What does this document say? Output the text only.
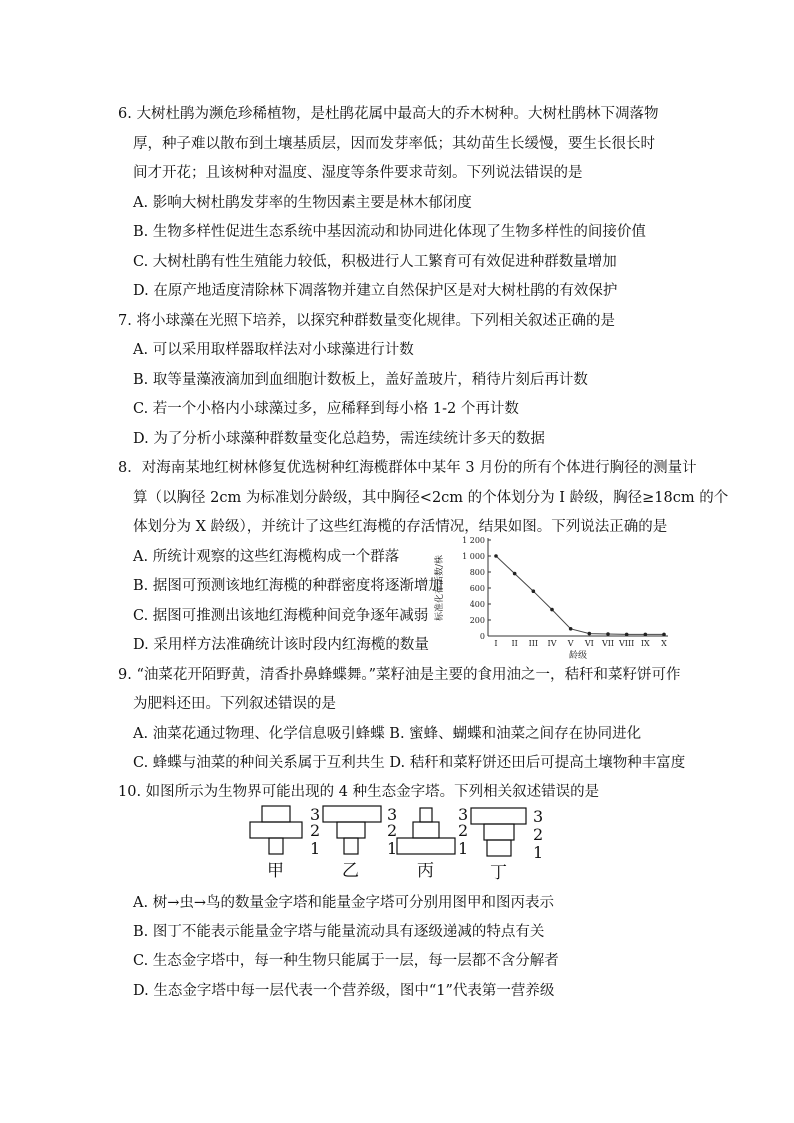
6. 大树杜鹃为濒危珍稀植物，是杜鹃花属中最高大的乔木树种。大树杜鹃林下凋落物
厚，种子难以散布到土壤基质层，因而发芽率低；其幼苗生长缓慢，要生长很长时
间才开花；且该树种对温度、湿度等条件要求苛刻。下列说法错误的是
A. 影响大树杜鹃发芽率的生物因素主要是林木郁闭度
B. 生物多样性促进生态系统中基因流动和协同进化体现了生物多样性的间接价值
C. 大树杜鹃有性生殖能力较低，积极进行人工繁育可有效促进种群数量增加
D. 在原产地适度清除林下凋落物并建立自然保护区是对大树杜鹃的有效保护
7. 将小球藻在光照下培养，以探究种群数量变化规律。下列相关叙述正确的是
A. 可以采用取样器取样法对小球藻进行计数
B. 取等量藻液滴加到血细胞计数板上，盖好盖玻片，稍待片刻后再计数
C. 若一个小格内小球藻过多，应稀释到每小格 1-2 个再计数
D. 为了分析小球藻种群数量变化总趋势，需连续统计多天的数据
8．对海南某地红树林修复优选树种红海榄群体中某年 3 月份的所有个体进行胸径的测量计
算（以胸径 2cm 为标准划分龄级，其中胸径<2cm 的个体划分为 I 龄级，胸径≥18cm 的个
体划分为 X 龄级），并统计了这些红海榄的存活情况，结果如图。下列说法正确的是
A. 所统计观察的这些红海榄构成一个群落
B. 据图可预测该地红海榄的种群密度将逐渐增加
C. 据图可推测出该地红海榄种间竞争逐年减弱
D. 采用样方法准确统计该时段内红海榄的数量
0
200
400
600
800
1 000
1 200
I II III IV V VI VII VIII IX X
标准化存活数/株
龄级
9. “油菜花开陌野黄，清香扑鼻蜂蝶舞。”菜籽油是主要的食用油之一，秸秆和菜籽饼可作
为肥料还田。下列叙述错误的是
A. 油菜花通过物理、化学信息吸引蜂蝶 B. 蜜蜂、蝴蝶和油菜之间存在协同进化
C. 蜂蝶与油菜的种间关系属于互利共生 D. 秸秆和菜籽饼还田后可提高土壤物种丰富度
10. 如图所示为生物界可能出现的 4 种生态金字塔。下列相关叙述错误的是
甲
3
2
1
乙
3
2
1
丙
3
2
1
丁
3
2
1
A. 树→虫→鸟的数量金字塔和能量金字塔可分别用图甲和图丙表示
B. 图丁不能表示能量金字塔与能量流动具有逐级递减的特点有关
C. 生态金字塔中，每一种生物只能属于一层，每一层都不含分解者
D. 生态金字塔中每一层代表一个营养级，图中“1”代表第一营养级
